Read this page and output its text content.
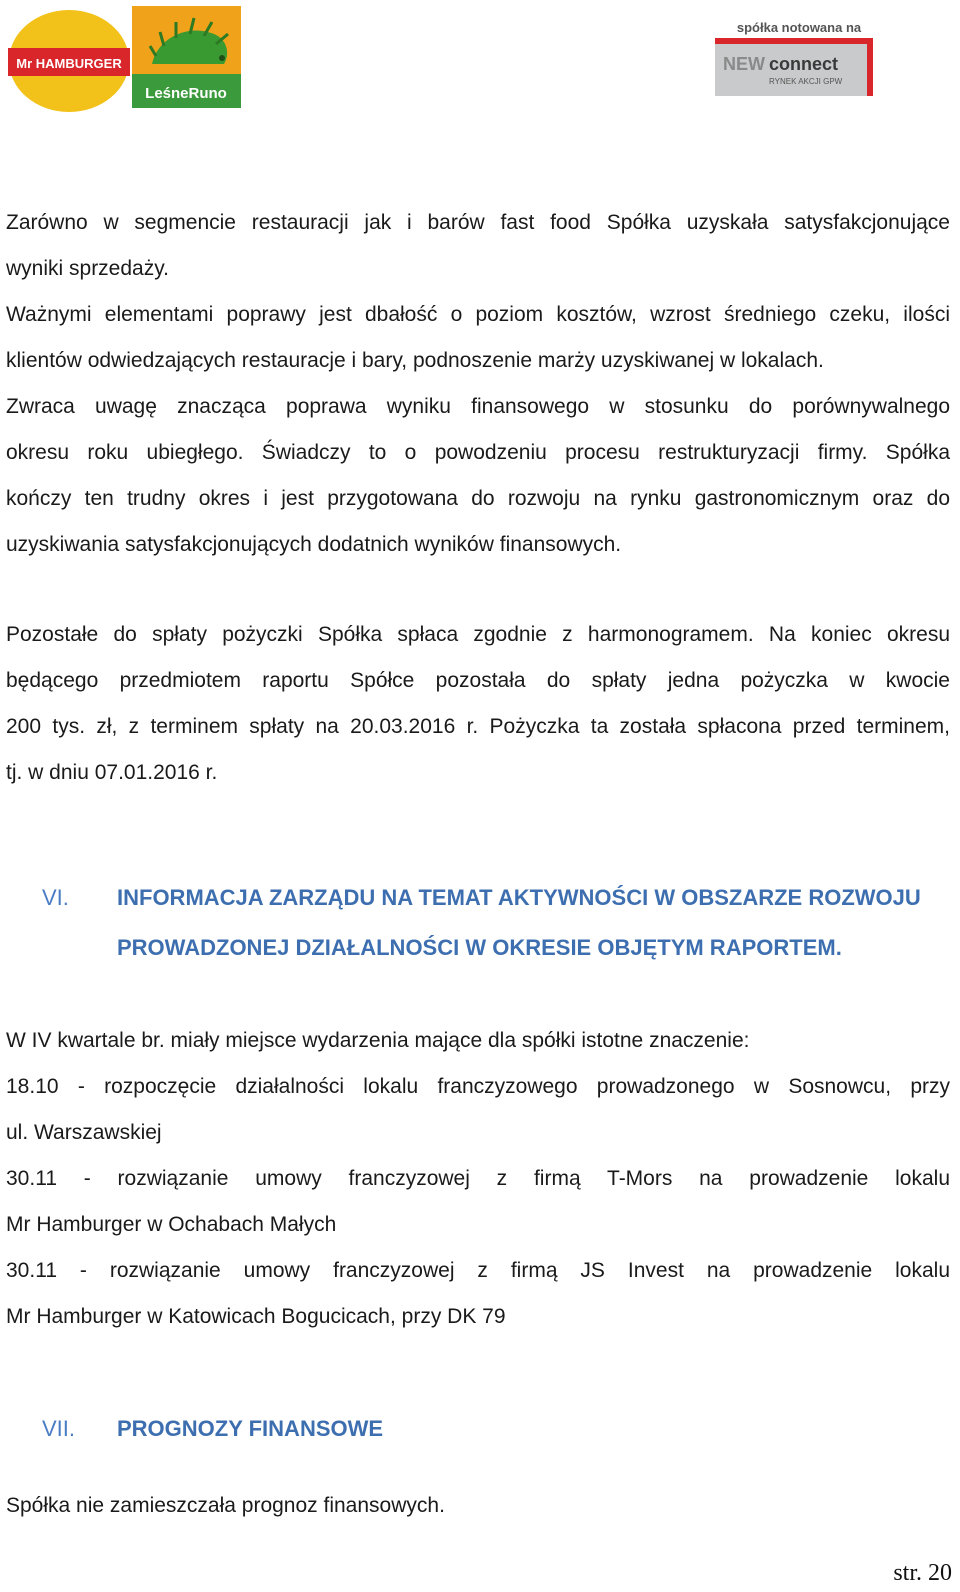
Mr HAMBURGER
LeśneRuno
spółka notowana na
NEW connect
RYNEK AKCJI GPW
Zarówno w segmencie restauracji jak i barów fast food Spółka uzyskała satysfakcjonujące
wyniki sprzedaży.
Ważnymi elementami poprawy jest dbałość o poziom kosztów, wzrost średniego czeku, ilości
klientów odwiedzających restauracje i bary, podnoszenie marży uzyskiwanej w lokalach.
Zwraca uwagę znacząca poprawa wyniku finansowego w stosunku do porównywalnego
okresu roku ubiegłego. Świadczy to o powodzeniu procesu restrukturyzacji firmy. Spółka
kończy ten trudny okres i jest przygotowana do rozwoju na rynku gastronomicznym oraz do
uzyskiwania satysfakcjonujących dodatnich wyników finansowych.
Pozostałe do spłaty pożyczki Spółka spłaca zgodnie z harmonogramem. Na koniec okresu
będącego przedmiotem raportu Spółce pozostała do spłaty jedna pożyczka w kwocie
200 tys. zł, z terminem spłaty na 20.03.2016 r. Pożyczka ta została spłacona przed terminem,
tj. w dniu 07.01.2016 r.
VI. INFORMACJA ZARZĄDU NA TEMAT AKTYWNOŚCI W OBSZARZE ROZWOJU
PROWADZONEJ DZIAŁALNOŚCI W OKRESIE OBJĘTYM RAPORTEM.
W IV kwartale br. miały miejsce wydarzenia mające dla spółki istotne znaczenie:
18.10 - rozpoczęcie działalności lokalu franczyzowego prowadzonego w Sosnowcu, przy
ul. Warszawskiej
30.11 - rozwiązanie umowy franczyzowej z firmą T-Mors na prowadzenie lokalu
Mr Hamburger w Ochabach Małych
30.11 - rozwiązanie umowy franczyzowej z firmą JS Invest na prowadzenie lokalu
Mr Hamburger w Katowicach Bogucicach, przy DK 79
VII. PROGNOZY FINANSOWE
Spółka nie zamieszczała prognoz finansowych.
str. 20
